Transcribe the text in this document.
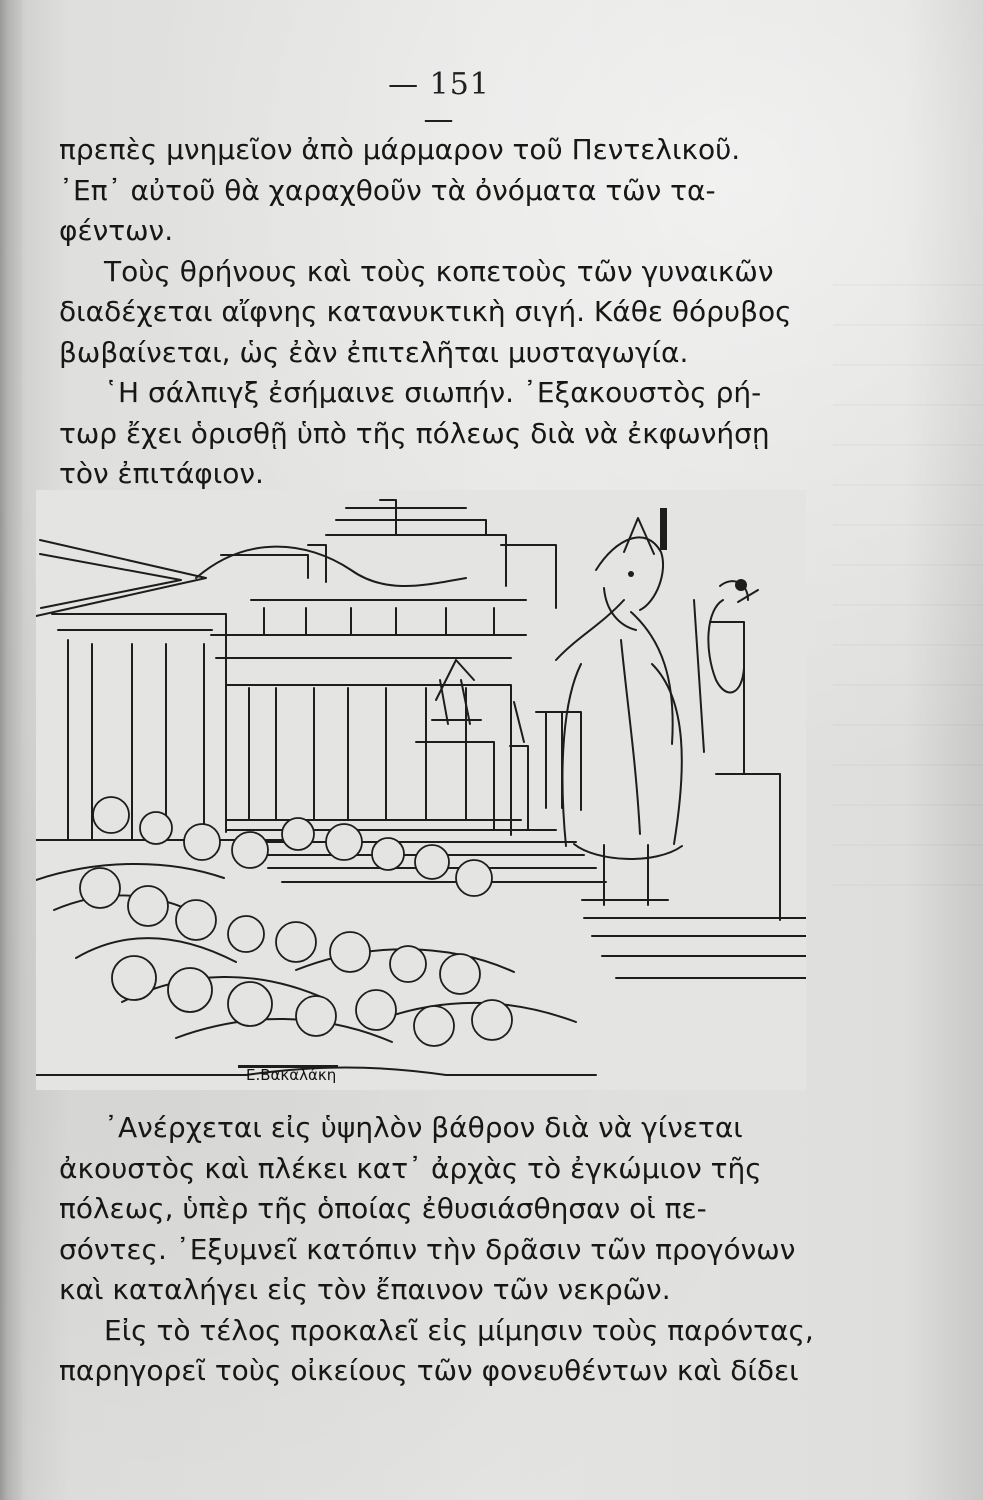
— 151 —
πρεπὲς μνημεῖον ἀπὸ μάρμαρον τοῦ Πεντελικοῦ.
᾿Επ᾿ αὐτοῦ θὰ χαραχθοῦν τὰ ὀνόματα τῶν τα-
φέντων.
Τοὺς θρήνους καὶ τοὺς κοπετοὺς τῶν γυναικῶν
διαδέχεται αἴφνης κατανυκτικὴ σιγή. Κάθε θόρυβος
βωβαίνεται, ὡς ἐὰν ἐπιτελῆται μυσταγωγία.
῾Η σάλπιγξ ἐσήμαινε σιωπήν. ᾿Εξακουστὸς ρή-
τωρ ἔχει ὁρισθῇ ὑπὸ τῆς πόλεως διὰ νὰ ἐκφωνήσῃ
τὸν ἐπιτάφιον.
Ε.Βακαλάκη
᾿Ανέρχεται εἰς ὑψηλὸν βάθρον διὰ νὰ γίνεται
ἀκουστὸς καὶ πλέκει κατ᾿ ἀρχὰς τὸ ἐγκώμιον τῆς
πόλεως, ὑπὲρ τῆς ὁποίας ἐθυσιάσθησαν οἱ πε-
σόντες. ᾿Εξυμνεῖ κατόπιν τὴν δρᾶσιν τῶν προγόνων
καὶ καταλήγει εἰς τὸν ἔπαινον τῶν νεκρῶν.
Εἰς τὸ τέλος προκαλεῖ εἰς μίμησιν τοὺς παρόντας,
παρηγορεῖ τοὺς οἰκείους τῶν φονευθέντων καὶ δίδει
